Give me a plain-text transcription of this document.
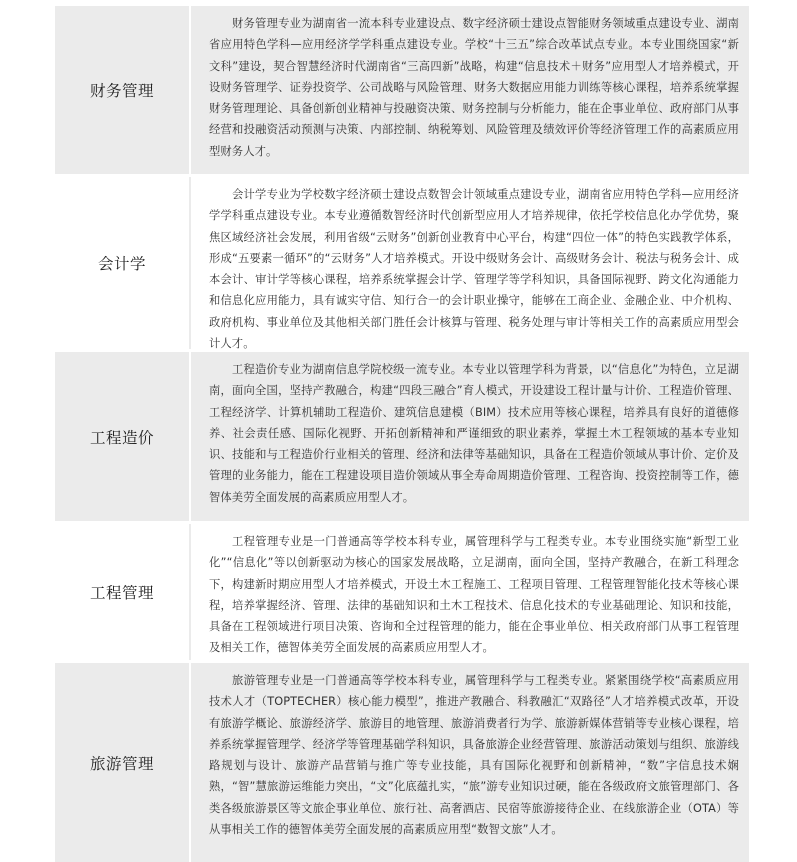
财务管理
财务管理专业为湖南省一流本科专业建设点、数字经济硕士建设点智能财务领域重点建设专业、湖南省应用特色学科—应用经济学学科重点建设专业。学校“十三五”综合改革试点专业。本专业围绕国家“新文科”建设，契合智慧经济时代湖南省“三高四新”战略，构建“信息技术＋财务”应用型人才培养模式，开设财务管理学、证券投资学、公司战略与风险管理、财务大数据应用能力训练等核心课程，培养系统掌握财务管理理论、具备创新创业精神与投融资决策、财务控制与分析能力，能在企事业单位、政府部门从事经营和投融资活动预测与决策、内部控制、纳税筹划、风险管理及绩效评价等经济管理工作的高素质应用型财务人才。
会计学
会计学专业为学校数字经济硕士建设点数智会计领域重点建设专业，湖南省应用特色学科—应用经济学学科重点建设专业。本专业遵循数智经济时代创新型应用人才培养规律，依托学校信息化办学优势，聚焦区域经济社会发展，利用省级“云财务”创新创业教育中心平台，构建“四位一体”的特色实践教学体系，形成“五要素一循环”的“云财务”人才培养模式。开设中级财务会计、高级财务会计、税法与税务会计、成本会计、审计学等核心课程，培养系统掌握会计学、管理学等学科知识，具备国际视野、跨文化沟通能力和信息化应用能力，具有诚实守信、知行合一的会计职业操守，能够在工商企业、金融企业、中介机构、政府机构、事业单位及其他相关部门胜任会计核算与管理、税务处理与审计等相关工作的高素质应用型会计人才。
工程造价
工程造价专业为湖南信息学院校级一流专业。本专业以管理学科为背景，以“信息化”为特色，立足湖南，面向全国，坚持产教融合，构建“四段三融合”育人模式，开设建设工程计量与计价、工程造价管理、工程经济学、计算机辅助工程造价、建筑信息建模（BIM）技术应用等核心课程，培养具有良好的道德修养、社会责任感、国际化视野、开拓创新精神和严谨细致的职业素养，掌握土木工程领域的基本专业知识、技能和与工程造价行业相关的管理、经济和法律等基础知识，具备在工程造价领域从事计价、定价及管理的业务能力，能在工程建设项目造价领域从事全寿命周期造价管理、工程咨询、投资控制等工作，德智体美劳全面发展的高素质应用型人才。
工程管理
工程管理专业是一门普通高等学校本科专业，属管理科学与工程类专业。本专业围绕实施“新型工业化”“信息化”等以创新驱动为核心的国家发展战略，立足湖南，面向全国，坚持产教融合，在新工科理念下，构建新时期应用型人才培养模式，开设土木工程施工、工程项目管理、工程管理智能化技术等核心课程，培养掌握经济、管理、法律的基础知识和土木工程技术、信息化技术的专业基础理论、知识和技能，具备在工程领域进行项目决策、咨询和全过程管理的能力，能在企事业单位、相关政府部门从事工程管理及相关工作，德智体美劳全面发展的高素质应用型人才。
旅游管理
旅游管理专业是一门普通高等学校本科专业，属管理科学与工程类专业。紧紧围绕学校“高素质应用技术人才（TOPTECHER）核心能力模型”，推进产教融合、科教融汇“双路径”人才培养模式改革，开设有旅游学概论、旅游经济学、旅游目的地管理、旅游消费者行为学、旅游新媒体营销等专业核心课程，培养系统掌握管理学、经济学等管理基础学科知识，具备旅游企业经营管理、旅游活动策划与组织、旅游线路规划与设计、旅游产品营销与推广等专业技能，具有国际化视野和创新精神，“数”字信息技术娴熟，“智”慧旅游运维能力突出，“文”化底蕴扎实，“旅”游专业知识过硬，能在各级政府文旅管理部门、各类各级旅游景区等文旅企事业单位、旅行社、高奢酒店、民宿等旅游接待企业、在线旅游企业（OTA）等从事相关工作的德智体美劳全面发展的高素质应用型“数智文旅”人才。
